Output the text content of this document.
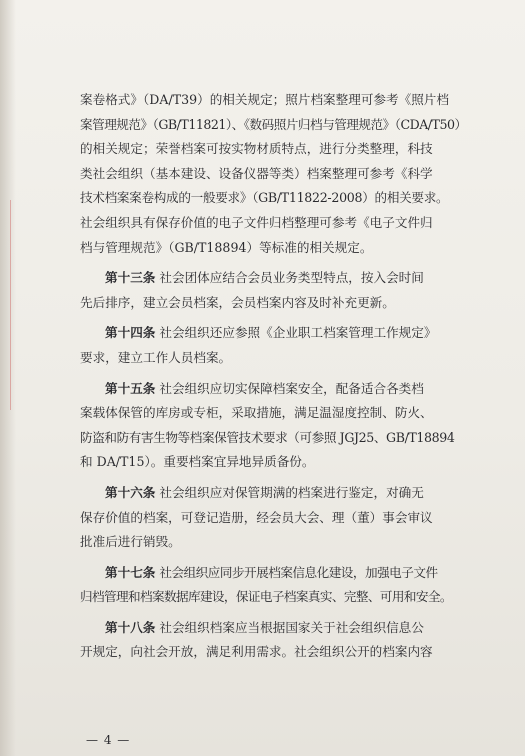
案卷格式》（DA/T39）的相关规定；照片档案整理可参考《照片档
案管理规范》（GB/T11821）、《数码照片归档与管理规范》（CDA/T50）
的相关规定；荣誉档案可按实物材质特点，进行分类整理，科技
类社会组织（基本建设、设备仪器等类）档案整理可参考《科学
技术档案案卷构成的一般要求》（GB/T11822-2008）的相关要求。
社会组织具有保存价值的电子文件归档整理可参考《电子文件归
档与管理规范》（GB/T18894）等标准的相关规定。
第十三条 社会团体应结合会员业务类型特点，按入会时间
先后排序，建立会员档案，会员档案内容及时补充更新。
第十四条 社会组织还应参照《企业职工档案管理工作规定》
要求，建立工作人员档案。
第十五条 社会组织应切实保障档案安全，配备适合各类档
案载体保管的库房或专柜，采取措施，满足温湿度控制、防火、
防盗和防有害生物等档案保管技术要求（可参照 JGJ25、GB/T18894
和 DA/T15）。重要档案宜异地异质备份。
第十六条 社会组织应对保管期满的档案进行鉴定，对确无
保存价值的档案，可登记造册，经会员大会、理（董）事会审议
批准后进行销毁。
第十七条 社会组织应同步开展档案信息化建设，加强电子文件
归档管理和档案数据库建设，保证电子档案真实、完整、可用和安全。
第十八条 社会组织档案应当根据国家关于社会组织信息公
开规定，向社会开放，满足利用需求。社会组织公开的档案内容
— 4 —
